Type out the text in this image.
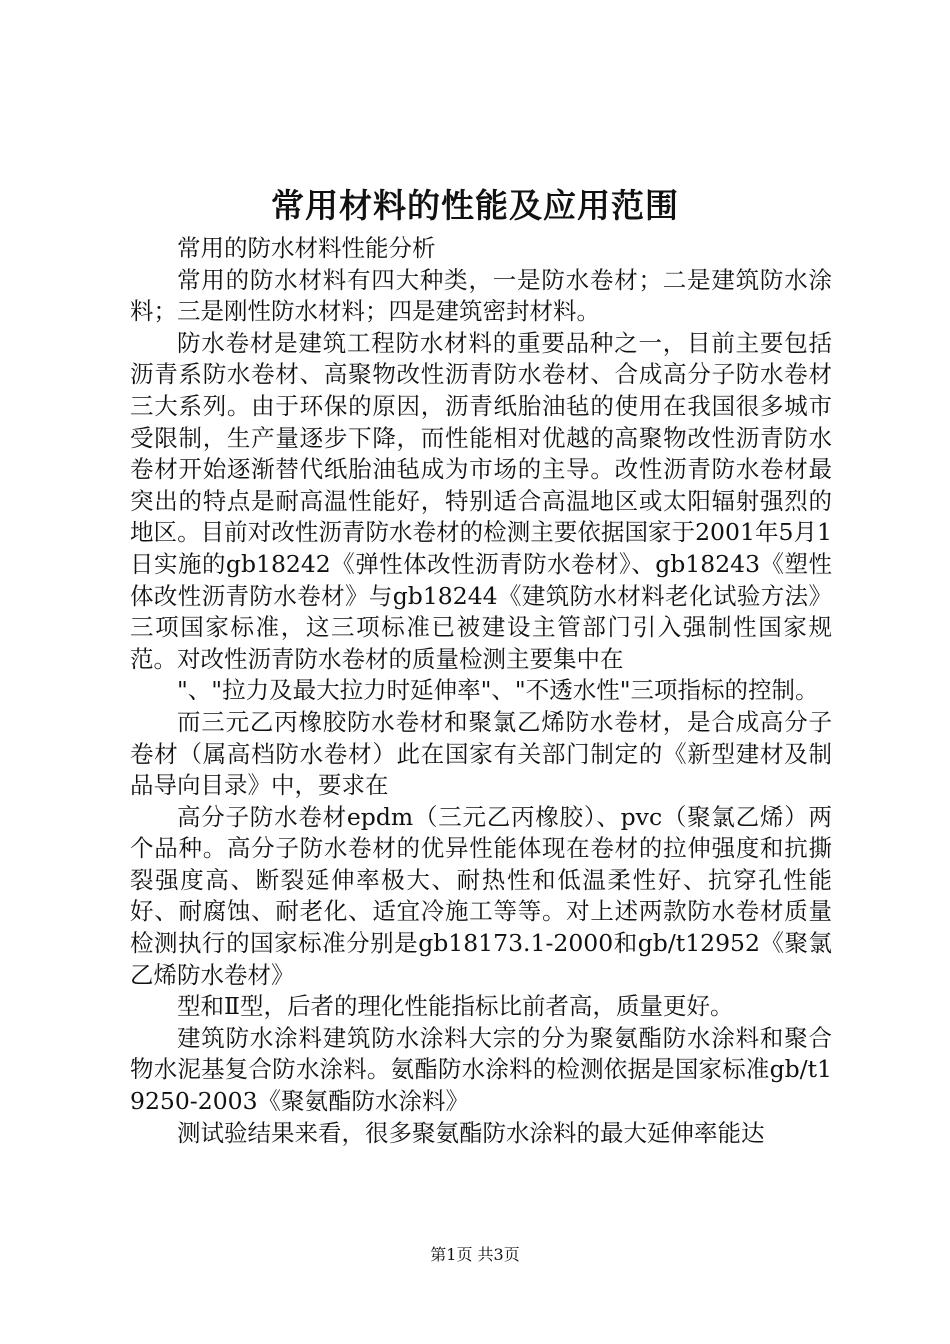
常用材料的性能及应用范围

常用的防水材料性能分析

常用的防水材料有四大种类，一是防水卷材；二是建筑防水涂料；三是刚性防水材料；四是建筑密封材料。

防水卷材是建筑工程防水材料的重要品种之一，目前主要包括沥青系防水卷材、高聚物改性沥青防水卷材、合成高分子防水卷材三大系列。由于环保的原因，沥青纸胎油毡的使用在我国很多城市受限制，生产量逐步下降，而性能相对优越的高聚物改性沥青防水卷材开始逐渐替代纸胎油毡成为市场的主导。改性沥青防水卷材最突出的特点是耐高温性能好，特别适合高温地区或太阳辐射强烈的地区。目前对改性沥青防水卷材的检测主要依据国家于2001年5月1日实施的gb18242《弹性体改性沥青防水卷材》、gb18243《塑性体改性沥青防水卷材》与gb18244《建筑防水材料老化试验方法》三项国家标准，这三项标准已被建设主管部门引入强制性国家规范。对改性沥青防水卷材的质量检测主要集中在

"、"拉力及最大拉力时延伸率"、"不透水性"三项指标的控制。

而三元乙丙橡胶防水卷材和聚氯乙烯防水卷材，是合成高分子卷材（属高档防水卷材）此在国家有关部门制定的《新型建材及制品导向目录》中，要求在

高分子防水卷材epdm（三元乙丙橡胶）、pvc（聚氯乙烯）两个品种。高分子防水卷材的优异性能体现在卷材的拉伸强度和抗撕裂强度高、断裂延伸率极大、耐热性和低温柔性好、抗穿孔性能好、耐腐蚀、耐老化、适宜冷施工等等。对上述两款防水卷材质量检测执行的国家标准分别是gb18173.1-2000和gb/t12952《聚氯乙烯防水卷材》

型和Ⅱ型，后者的理化性能指标比前者高，质量更好。

建筑防水涂料建筑防水涂料大宗的分为聚氨酯防水涂料和聚合物水泥基复合防水涂料。氨酯防水涂料的检测依据是国家标准gb/t19250-2003《聚氨酯防水涂料》

测试验结果来看，很多聚氨酯防水涂料的最大延伸率能达

第1页 共3页
